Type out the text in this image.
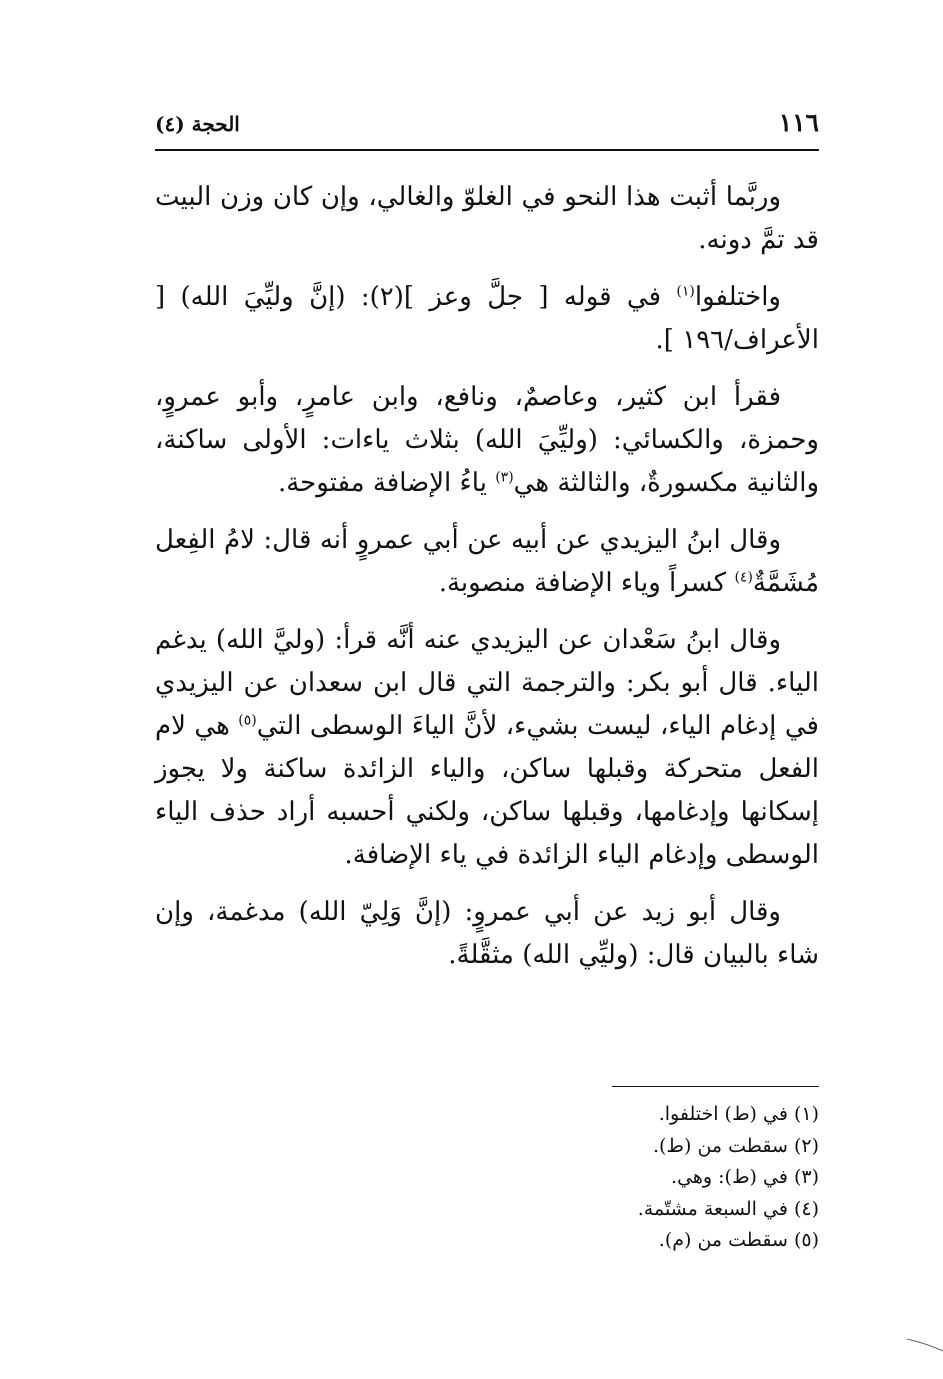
١١٦
الحجة (٤)

وربَّما أثبت هذا النحو في الغلوّ والغالي، وإن كان وزن البيت قد تمَّ دونه.

واختلفوا$^{(١)}$ في قوله [ جلَّ وعز ](٢): (إنَّ وليِّيَ الله) [ الأعراف/١٩٦ ].

فقرأ ابن كثير، وعاصمٌ، ونافع، وابن عامرٍ، وأبو عمروٍ، وحمزة، والكسائي: (وليِّيَ الله) بثلاث ياءات: الأولى ساكنة، والثانية مكسورةٌ، والثالثة هي$^{(٣)}$ ياءُ الإضافة مفتوحة.

وقال ابنُ اليزيدي عن أبيه عن أبي عمروٍ أنه قال: لامُ الفِعل مُشَمَّةٌ$^{(٤)}$ كسراً وياء الإضافة منصوبة.

وقال ابنُ سَعْدان عن اليزيدي عنه أنَّه قرأ: (وليَّ الله) يدغم الياء. قال أبو بكر: والترجمة التي قال ابن سعدان عن اليزيدي في إدغام الياء، ليست بشيء، لأنَّ الياءَ الوسطى التي$^{(٥)}$ هي لام الفعل متحركة وقبلها ساكن، والياء الزائدة ساكنة ولا يجوز إسكانها وإدغامها، وقبلها ساكن، ولكني أحسبه أراد حذف الياء الوسطى وإدغام الياء الزائدة في ياء الإضافة.

وقال أبو زيد عن أبي عمروٍ: (إنَّ وَلِيّ الله) مدغمة، وإن شاء بالبيان قال: (وليِّي الله) مثقَّلةً.

(١) في (ط) اختلفوا.
(٢) سقطت من (ط).
(٣) في (ط): وهي.
(٤) في السبعة مشتّمة.
(٥) سقطت من (م).
